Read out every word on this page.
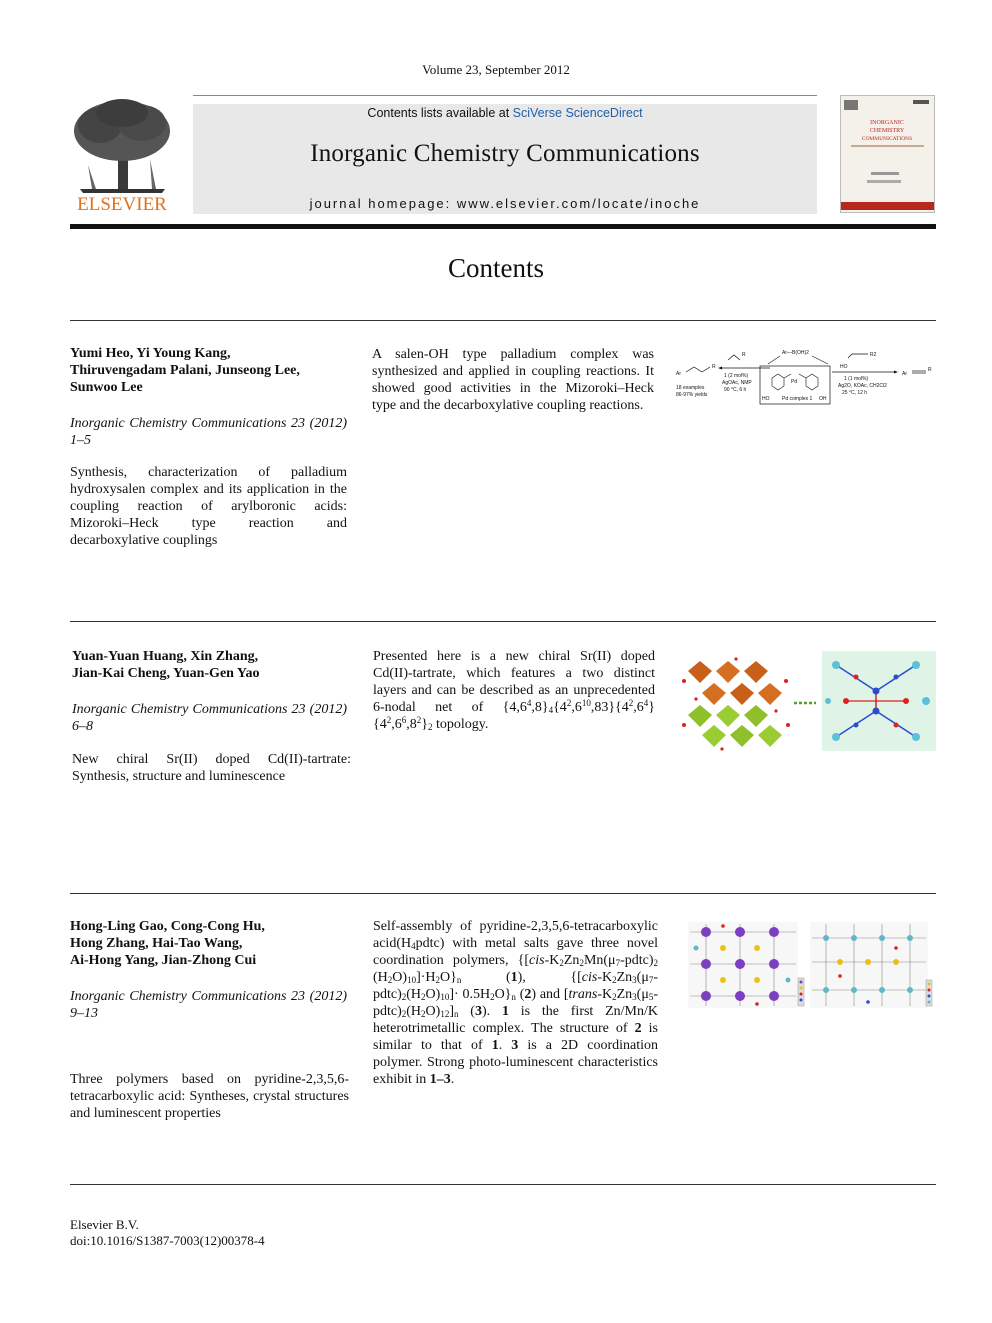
Volume 23, September 2012
ELSEVIER
Contents lists available at SciVerse ScienceDirect
Inorganic Chemistry Communications
journal homepage: www.elsevier.com/locate/inoche
INORGANIC
CHEMISTRY
COMMUNICATIONS
Contents
Yumi Heo, Yi Young Kang,
Thiruvengadam Palani, Junseong Lee,
Sunwoo Lee
Inorganic Chemistry Communications 23 (2012) 1–5
Synthesis, characterization of palladium hydroxysalen complex and its application in the coupling reaction of arylboronic acids: Mizoroki–Heck type reaction and decarboxylative couplings
A salen-OH type palladium complex was synthesized and applied in coupling reactions. It showed good activities in the Mizoroki–Heck type and the decarboxylative coupling reactions.
Ar
R
R
1 (2 mol%)
AgOAc, NMP
90 °C, 6 h
18 examples
86-97% yields
Ar—B(OH)2
Pd
HO	Pd complex 1 OH
HO
R2
1 (1 mol%)
Ag2O, KOAc, CH2Cl2
25 °C, 12 h
Ar
R
Yuan-Yuan Huang, Xin Zhang,
Jian-Kai Cheng, Yuan-Gen Yao
Inorganic Chemistry Communications 23 (2012) 6–8
New chiral Sr(II) doped Cd(II)-tartrate: Synthesis, structure and luminescence
Presented here is a new chiral Sr(II) doped Cd(II)-tartrate, which features a two distinct layers and can be described as an unprecedented 6-nodal net of $\{4,6^4,8\}_4\{4^2,6^{10},83\}\{4^2,6^4\}\{4^2,6^6,8^2\}_2$ topology.
Hong-Ling Gao, Cong-Cong Hu,
Hong Zhang, Hai-Tao Wang,
Ai-Hong Yang, Jian-Zhong Cui
Inorganic Chemistry Communications 23 (2012) 9–13
Three polymers based on pyridine-2,3,5,6-tetracarboxylic acid: Syntheses, crystal structures and luminescent properties
Self-assembly of pyridine-2,3,5,6-tetracarboxylic $acid(H_4pdtc)$ with metal salts gave three novel coordination polymers, {[$cis-K_2Zn_2Mn(\mu_7-pdtc)_2$ $(H_2O)_{10}]\cdot H_2O\}_n$ (1), $\{[cis-K_2Zn_3(\mu_7-pdtc)_2(H_2O)_{10}]\cdot 0.5H_2O\}_n$ (2) and $[trans-K_2Zn_3(\mu_5-pdtc)_2(H_2O)_{12}]_n$ (3). 1 is the first Zn/Mn/K heterotrimetallic complex. The structure of 2 is similar to that of 1. 3 is a 2D coordination polymer. Strong photo-luminescent characteristics exhibit in 1–3.
Elsevier B.V.
doi:10.1016/S1387-7003(12)00378-4
